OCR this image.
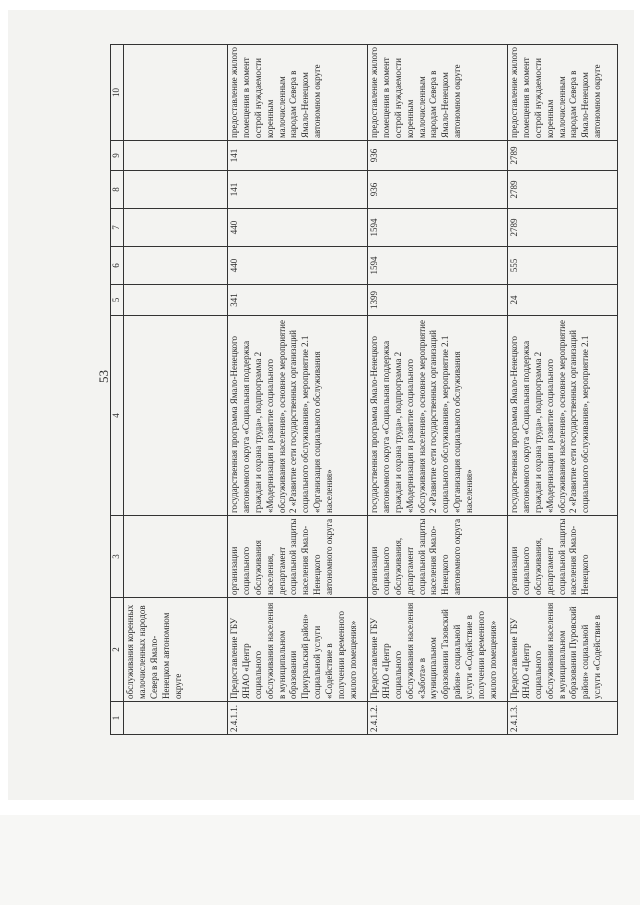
53
1	2	3	4	5	6	7	8	9	10
	обслуживания коренных малочисленных народов Севера в Ямало-Ненецком автономном округе								
2.4.1.1.	Предоставление ГБУ ЯНАО «Центр социального обслуживания населения в муниципальном образовании Приуральский район» социальной услуги «Содействие в получении временного жилого помещения»	организации социального обслуживания населения, департамент социальной защиты населения Ямало-Ненецкого автономного округа	государственная программа Ямало-Ненецкого автономного округа «Социальная поддержка граждан и охрана труда», подпрограмма 2 «Модернизация и развитие социального обслуживания населения», основное мероприятие 2 «Развитие сети государственных организаций социального обслуживания», мероприятие 2.1 «Организация социального обслуживания населения»	341	440	440	141	141	предоставление жилого помещения в момент острой нуждаемости коренным малочисленным народам Севера в Ямало-Ненецком автономном округе
2.4.1.2.	Предоставление ГБУ ЯНАО «Центр социального обслуживания населения «Забота» в муниципальном образовании Тазовский район» социальной услуги «Содействие в получении временного жилого помещения»	организации социального обслуживания, департамент социальной защиты населения Ямало-Ненецкого автономного округа	государственная программа Ямало-Ненецкого автономного округа «Социальная поддержка граждан и охрана труда», подпрограмма 2 «Модернизация и развитие социального обслуживания населения», основное мероприятие 2 «Развитие сети государственных организаций социального обслуживания», мероприятие 2.1 «Организация социального обслуживания населения»	1399	1594	1594	936	936	предоставление жилого помещения в момент острой нуждаемости коренным малочисленным народам Севера в Ямало-Ненецком автономном округе
2.4.1.3.	Предоставление ГБУ ЯНАО «Центр социального обслуживания населения в муниципальном образовании Пуровский район» социальной услуги «Содействие в	организации социального обслуживания, департамент социальной защиты населения Ямало-Ненецкого	государственная программа Ямало-Ненецкого автономного округа «Социальная поддержка граждан и охрана труда», подпрограмма 2 «Модернизация и развитие социального обслуживания населения», основное мероприятие 2 «Развитие сети государственных организаций социального обслуживания», мероприятие 2.1	24	555	2789	2789	2789	предоставление жилого помещения в момент острой нуждаемости коренным малочисленным народам Севера в Ямало-Ненецком автономном округе
